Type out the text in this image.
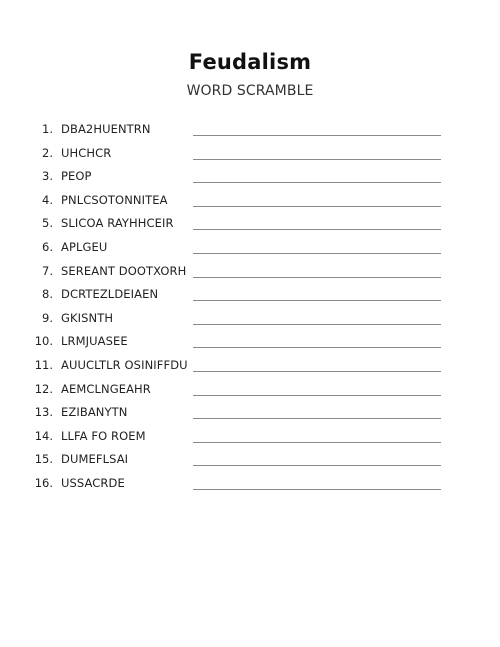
Feudalism
WORD SCRAMBLE
1. DBA2HUENTRN
2. UHCHCR
3. PEOP
4. PNLCSOTONNITEA
5. SLICOA RAYHHCEIR
6. APLGEU
7. SEREANT DOOTXORH
8. DCRTEZLDEIAEN
9. GKISNTH
10. LRMJUASEE
11. AUUCLTLR OSINIFFDU
12. AEMCLNGEAHR
13. EZIBANYTN
14. LLFA FO ROEM
15. DUMEFLSAI
16. USSACRDE
